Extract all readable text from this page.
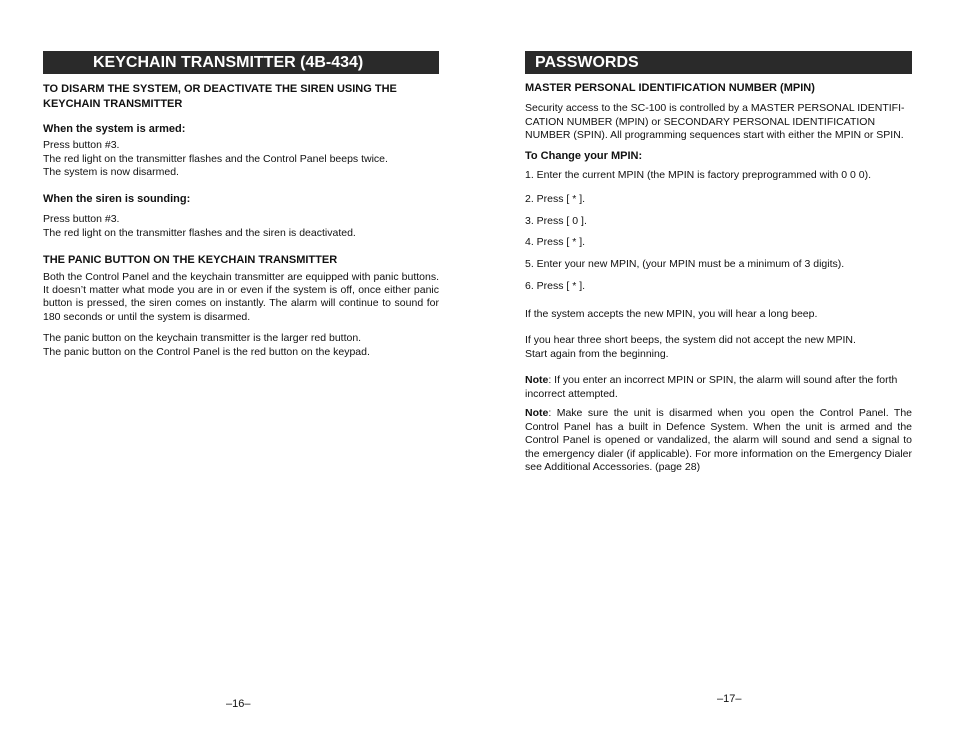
KEYCHAIN TRANSMITTER (4B-434)
TO DISARM THE SYSTEM, OR DEACTIVATE THE SIREN USING THE
KEYCHAIN TRANSMITTER
When the system is armed:
Press button #3.
The red light on the transmitter flashes and the Control Panel beeps twice.
The system is now disarmed.
When the siren is sounding:
Press button #3.
The red light on the transmitter flashes and the siren is deactivated.
THE PANIC BUTTON ON THE KEYCHAIN TRANSMITTER
Both the Control Panel and the keychain transmitter are equipped with panic buttons. It doesn’t matter what mode you are in or even if the system is off, once either panic button is pressed, the siren comes on instantly. The alarm will continue to sound for 180 seconds or until the system is disarmed.
The panic button on the keychain transmitter is the larger red button.
The panic button on the Control Panel is the red button on the keypad.
–16–
PASSWORDS
MASTER PERSONAL IDENTIFICATION NUMBER (MPIN)
Security access to the SC-100 is controlled by a MASTER PERSONAL IDENTIFI-
CATION NUMBER (MPIN) or SECONDARY PERSONAL IDENTIFICATION
NUMBER (SPIN). All programming sequences start with either the MPIN or SPIN.
To Change your MPIN:
1. Enter the current MPIN (the MPIN is factory preprogrammed with 0 0 0).
2. Press [ * ].
3. Press [ 0 ].
4. Press [ * ].
5. Enter your new MPIN, (your MPIN must be a minimum of 3 digits).
6. Press [ * ].
If the system accepts the new MPIN, you will hear a long beep.
If you hear three short beeps, the system did not accept the new MPIN.
Start again from the beginning.
Note: If you enter an incorrect MPIN or SPIN, the alarm will sound after the forth incorrect attempted.
Note: Make sure the unit is disarmed when you open the Control Panel. The Control Panel has a built in Defence System. When the unit is armed and the Control Panel is opened or vandalized, the alarm will sound and send a signal to the emergency dialer (if applicable). For more information on the Emergency Dialer see Additional Accessories. (page 28)
–17–
